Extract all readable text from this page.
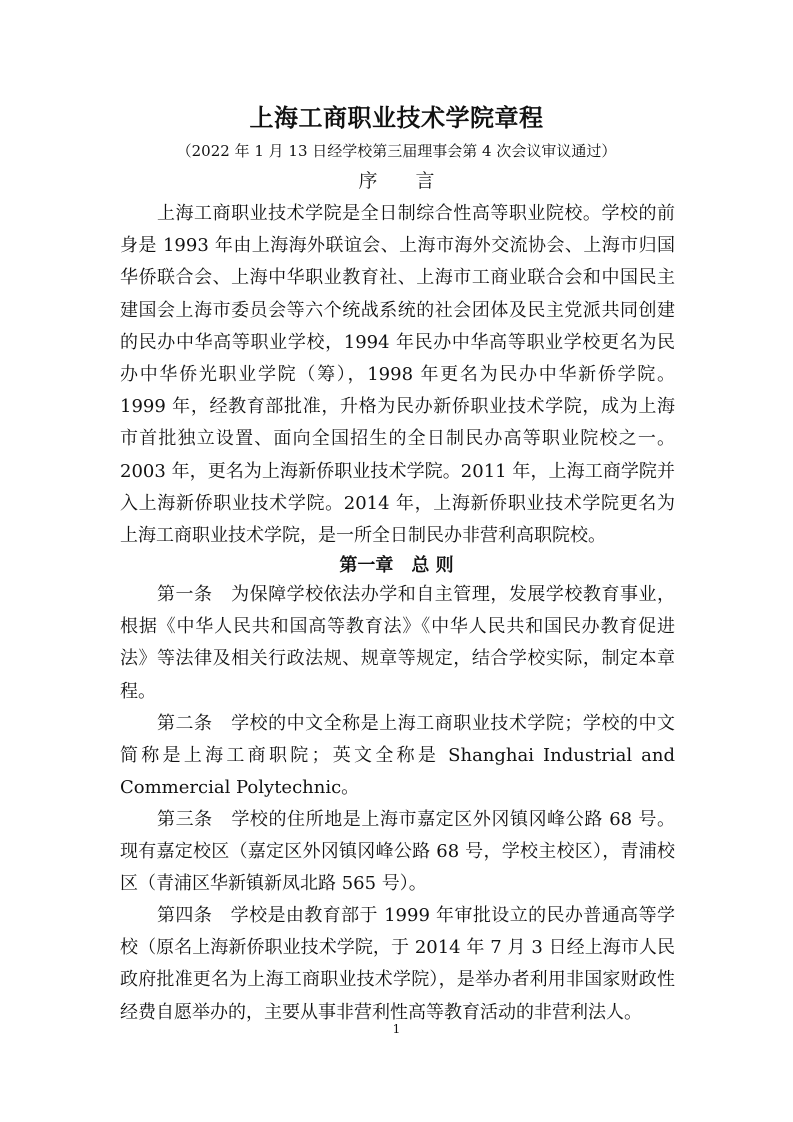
上海工商职业技术学院章程
（2022 年 1 月 13 日经学校第三届理事会第 4 次会议审议通过）
序 言

上海工商职业技术学院是全日制综合性高等职业院校。学校的前身是 1993 年由上海海外联谊会、上海市海外交流协会、上海市归国华侨联合会、上海中华职业教育社、上海市工商业联合会和中国民主建国会上海市委员会等六个统战系统的社会团体及民主党派共同创建的民办中华高等职业学校，1994 年民办中华高等职业学校更名为民办中华侨光职业学院（筹），1998 年更名为民办中华新侨学院。1999 年，经教育部批准，升格为民办新侨职业技术学院，成为上海市首批独立设置、面向全国招生的全日制民办高等职业院校之一。2003 年，更名为上海新侨职业技术学院。2011 年，上海工商学院并入上海新侨职业技术学院。2014 年，上海新侨职业技术学院更名为上海工商职业技术学院，是一所全日制民办非营利高职院校。

第一章　总 则

第一条　为保障学校依法办学和自主管理，发展学校教育事业，根据《中华人民共和国高等教育法》《中华人民共和国民办教育促进法》等法律及相关行政法规、规章等规定，结合学校实际，制定本章程。

第二条　学校的中文全称是上海工商职业技术学院；学校的中文简称是上海工商职院；英文全称是 Shanghai Industrial and Commercial Polytechnic。

第三条　学校的住所地是上海市嘉定区外冈镇冈峰公路 68 号。现有嘉定校区（嘉定区外冈镇冈峰公路 68 号，学校主校区），青浦校区（青浦区华新镇新凤北路 565 号）。

第四条　学校是由教育部于 1999 年审批设立的民办普通高等学校（原名上海新侨职业技术学院，于 2014 年 7 月 3 日经上海市人民政府批准更名为上海工商职业技术学院），是举办者利用非国家财政性经费自愿举办的，主要从事非营利性高等教育活动的非营利法人。

1
